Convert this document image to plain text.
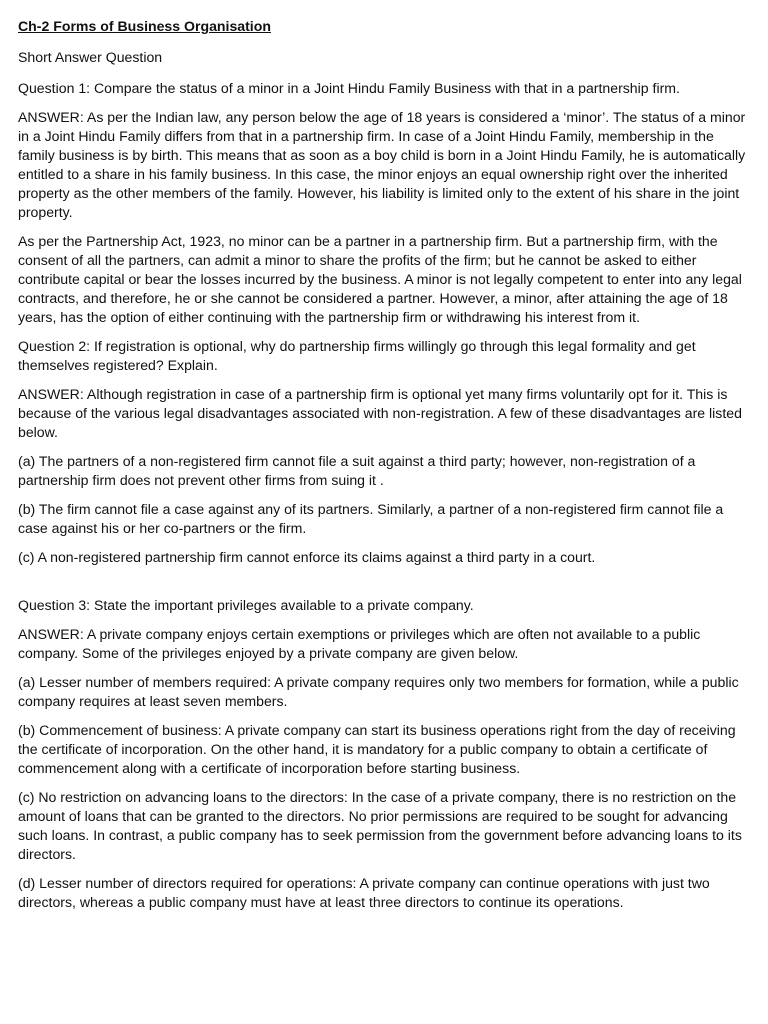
Ch-2 Forms of Business Organisation

Short Answer Question

Question 1: Compare the status of a minor in a Joint Hindu Family Business with that in a partnership firm.

ANSWER: As per the Indian law, any person below the age of 18 years is considered a ‘minor’. The status of a minor in a Joint Hindu Family differs from that in a partnership firm. In case of a Joint Hindu Family, membership in the family business is by birth. This means that as soon as a boy child is born in a Joint Hindu Family, he is automatically entitled to a share in his family business. In this case, the minor enjoys an equal ownership right over the inherited property as the other members of the family. However, his liability is limited only to the extent of his share in the joint property.

As per the Partnership Act, 1923, no minor can be a partner in a partnership firm. But a partnership firm, with the consent of all the partners, can admit a minor to share the profits of the firm; but he cannot be asked to either contribute capital or bear the losses incurred by the business. A minor is not legally competent to enter into any legal contracts, and therefore, he or she cannot be considered a partner. However, a minor, after attaining the age of 18 years, has the option of either continuing with the partnership firm or withdrawing his interest from it.

Question 2: If registration is optional, why do partnership firms willingly go through this legal formality and get themselves registered? Explain.

ANSWER: Although registration in case of a partnership firm is optional yet many firms voluntarily opt for it. This is because of the various legal disadvantages associated with non-registration. A few of these disadvantages are listed below.

(a) The partners of a non-registered firm cannot file a suit against a third party; however, non-registration of a partnership firm does not prevent other firms from suing it .

(b) The firm cannot file a case against any of its partners. Similarly, a partner of a non-registered firm cannot file a case against his or her co-partners or the firm.

(c) A non-registered partnership firm cannot enforce its claims against a third party in a court.

Question 3: State the important privileges available to a private company.

ANSWER: A private company enjoys certain exemptions or privileges which are often not available to a public company. Some of the privileges enjoyed by a private company are given below.

(a) Lesser number of members required: A private company requires only two members for formation, while a public company requires at least seven members.

(b) Commencement of business: A private company can start its business operations right from the day of receiving the certificate of incorporation. On the other hand, it is mandatory for a public company to obtain a certificate of commencement along with a certificate of incorporation before starting business.

(c) No restriction on advancing loans to the directors: In the case of a private company, there is no restriction on the amount of loans that can be granted to the directors. No prior permissions are required to be sought for advancing such loans. In contrast, a public company has to seek permission from the government before advancing loans to its directors.

(d) Lesser number of directors required for operations: A private company can continue operations with just two directors, whereas a public company must have at least three directors to continue its operations.
